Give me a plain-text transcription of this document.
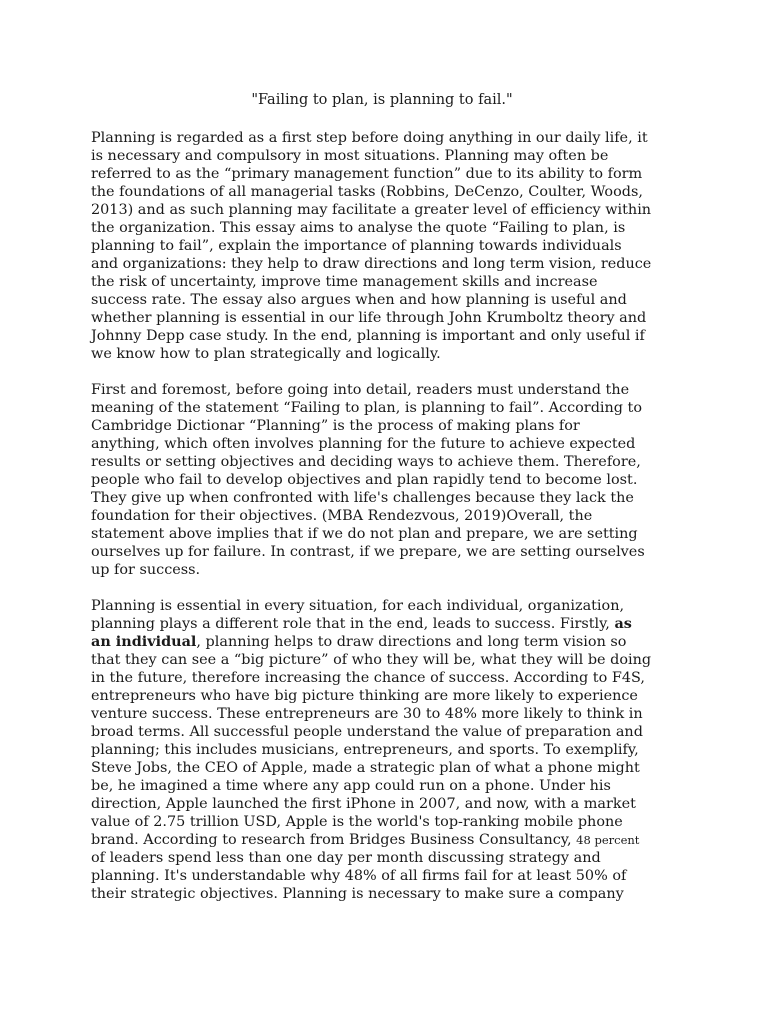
"Failing to plan, is planning to fail."

Planning is regarded as a first step before doing anything in our daily life, it

is necessary and compulsory in most situations. Planning may often be

referred to as the “primary management function” due to its ability to form

the foundations of all managerial tasks (Robbins, DeCenzo, Coulter, Woods,

2013) and as such planning may facilitate a greater level of efficiency within

the organization. This essay aims to analyse the quote “Failing to plan, is

planning to fail”, explain the importance of planning towards individuals

and organizations: they help to draw directions and long term vision, reduce

the risk of uncertainty, improve time management skills and increase

success rate. The essay also argues when and how planning is useful and

whether planning is essential in our life through John Krumboltz theory and

Johnny Depp case study. In the end, planning is important and only useful if

we know how to plan strategically and logically.

First and foremost, before going into detail, readers must understand the

meaning of the statement “Failing to plan, is planning to fail”. According to

Cambridge Dictionar “Planning” is the process of making plans for

anything, which often involves planning for the future to achieve expected

results or setting objectives and deciding ways to achieve them. Therefore,

people who fail to develop objectives and plan rapidly tend to become lost.

They give up when confronted with life's challenges because they lack the

foundation for their objectives. (MBA Rendezvous, 2019)Overall, the

statement above implies that if we do not plan and prepare, we are setting

ourselves up for failure. In contrast, if we prepare, we are setting ourselves

up for success.

Planning is essential in every situation, for each individual, organization,

planning plays a different role that in the end, leads to success. Firstly, as

an individual, planning helps to draw directions and long term vision so

that they can see a “big picture” of who they will be, what they will be doing

in the future, therefore increasing the chance of success. According to F4S,

entrepreneurs who have big picture thinking are more likely to experience

venture success. These entrepreneurs are 30 to 48% more likely to think in

broad terms. All successful people understand the value of preparation and

planning; this includes musicians, entrepreneurs, and sports. To exemplify,

Steve Jobs, the CEO of Apple, made a strategic plan of what a phone might

be, he imagined a time where any app could run on a phone. Under his

direction, Apple launched the first iPhone in 2007, and now, with a market

value of 2.75 trillion USD, Apple is the world's top-ranking mobile phone

brand. According to research from Bridges Business Consultancy, 48 percent

of leaders spend less than one day per month discussing strategy and

planning. It's understandable why 48% of all firms fail for at least 50% of

their strategic objectives. Planning is necessary to make sure a company
